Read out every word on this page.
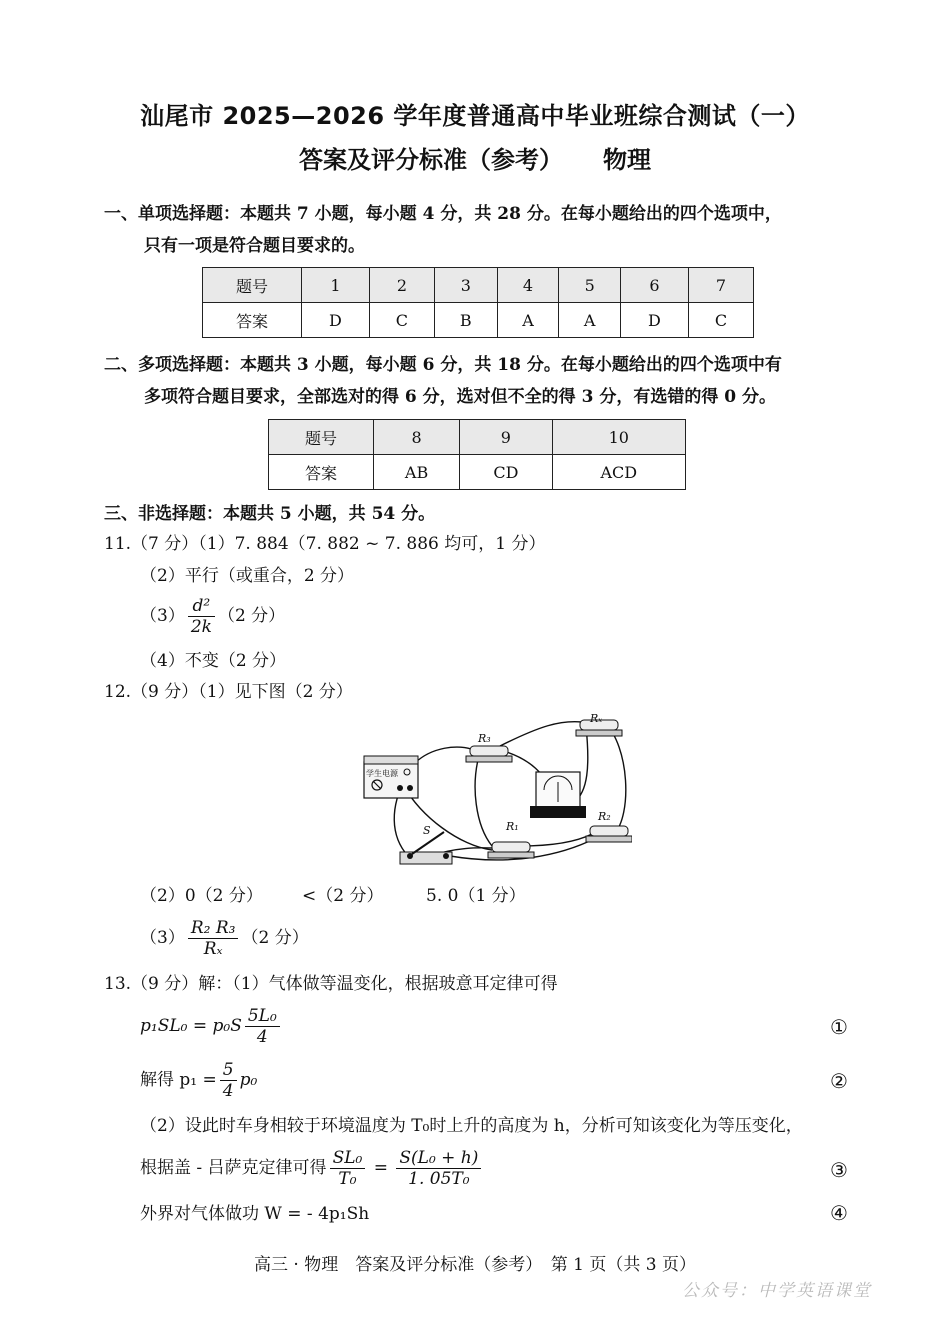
汕尾市 2025—2026 学年度普通高中毕业班综合测试（一）
答案及评分标准（参考） 物理
一、单项选择题：本题共 7 小题，每小题 4 分，共 28 分。在每小题给出的四个选项中，
只有一项是符合题目要求的。
题号	1	2	3	4	5	6	7
答案	D	C	B	A	A	D	C
二、多项选择题：本题共 3 小题，每小题 6 分，共 18 分。在每小题给出的四个选项中有
多项符合题目要求，全部选对的得 6 分，选对但不全的得 3 分，有选错的得 0 分。
题号	8	9	10
答案	AB	CD	ACD
三、非选择题：本题共 5 小题，共 54 分。
11.（7 分）（1）7. 884（7. 882 ~ 7. 886 均可，1 分）
（2）平行（或重合，2 分）
$(3) \frac{\text{d²}}{2k} (2$ 分）
（4）不变（2 分）
12.（9 分）（1）见下图（2 分）
学生电源
S
R₃
Rₓ
R₁
R₂
（2）0（2 分） <（2 分）	5. 0（1 分）
$(3) \frac{\text{R₂ R₃}}{\text{Rₓ}} (2$ 分）
13.（9 分）解：（1）气体做等温变化，根据玻意耳定律可得
$p_1SL_0 = p_0S \frac{\text{5L₀}}{4}$	①
解得 $p_1 = \frac{5}{4} p_0$	②
（2）设此时车身相较于环境温度为 T₀时上升的高度为 h，分析可知该变化为等压变化，
根据盖 - 吕萨克定律可得 $\frac{\text{SL₀}}{\text{T₀}} = \frac{\text{S(L₀ + h)}}{\text{1. 05T₀}}$	③
外界对气体做功 W = - 4p₁Sh	④
高三 · 物理　答案及评分标准（参考）　第 1 页（共 3 页）
公众号：中学英语课堂
